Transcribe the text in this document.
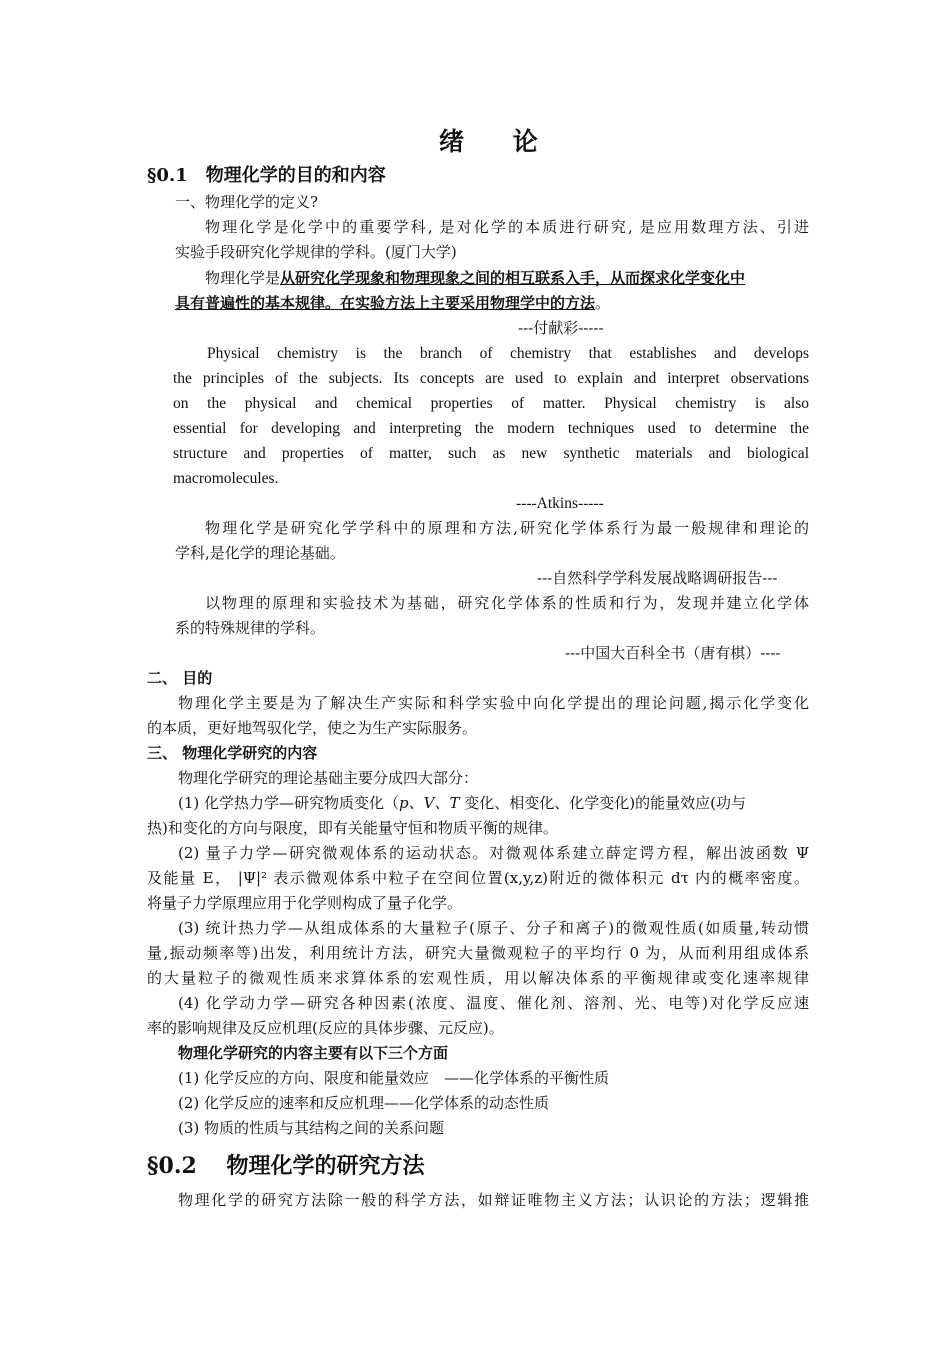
绪 论
§0.1　物理化学的目的和内容
一、物理化学的定义?
物理化学是化学中的重要学科, 是对化学的本质进行研究, 是应用数理方法、引进
实验手段研究化学规律的学科。(厦门大学)
物理化学是从研究化学现象和物理现象之间的相互联系入手，从而探求化学变化中
具有普遍性的基本规律。在实验方法上主要采用物理学中的方法。
---付献彩-----
Physical chemistry is the branch of chemistry that establishes and develops
the principles of the subjects. Its concepts are used to explain and interpret observations
on the physical and chemical properties of matter. Physical chemistry is also
essential for developing and interpreting the modern techniques used to determine the
structure and properties of matter, such as new synthetic materials and biological
macromolecules.
----Atkins-----
物理化学是研究化学学科中的原理和方法,研究化学体系行为最一般规律和理论的
学科,是化学的理论基础。
---自然科学学科发展战略调研报告---
以物理的原理和实验技术为基础，研究化学体系的性质和行为，发现并建立化学体
系的特殊规律的学科。
---中国大百科全书（唐有棋）----
二、 目的
物理化学主要是为了解决生产实际和科学实验中向化学提出的理论问题,揭示化学变化
的本质，更好地驾驭化学，使之为生产实际服务。
三、 物理化学研究的内容
物理化学研究的理论基础主要分成四大部分：
(1) 化学热力学—研究物质变化（p、V、T 变化、相变化、化学变化)的能量效应(功与
热)和变化的方向与限度，即有关能量守恒和物质平衡的规律。
(2) 量子力学—研究微观体系的运动状态。对微观体系建立薛定谔方程，解出波函数 Ψ
及能量 E， |Ψ|² 表示微观体系中粒子在空间位置(x,y,z)附近的微体积元 dτ 内的概率密度。
将量子力学原理应用于化学则构成了量子化学。
(3) 统计热力学—从组成体系的大量粒子(原子、分子和离子)的微观性质(如质量,转动惯
量,振动频率等)出发，利用统计方法，研究大量微观粒子的平均行 0 为，从而利用组成体系
的大量粒子的微观性质来求算体系的宏观性质，用以解决体系的平衡规律或变化速率规律
(4) 化学动力学—研究各种因素(浓度、温度、催化剂、溶剂、光、电等)对化学反应速
率的影响规律及反应机理(反应的具体步骤、元反应)。
物理化学研究的内容主要有以下三个方面
(1) 化学反应的方向、限度和能量效应　——化学体系的平衡性质
(2) 化学反应的速率和反应机理——化学体系的动态性质
(3) 物质的性质与其结构之间的关系问题
§0.2　 物理化学的研究方法
物理化学的研究方法除一般的科学方法，如辩证唯物主义方法；认识论的方法；逻辑推
